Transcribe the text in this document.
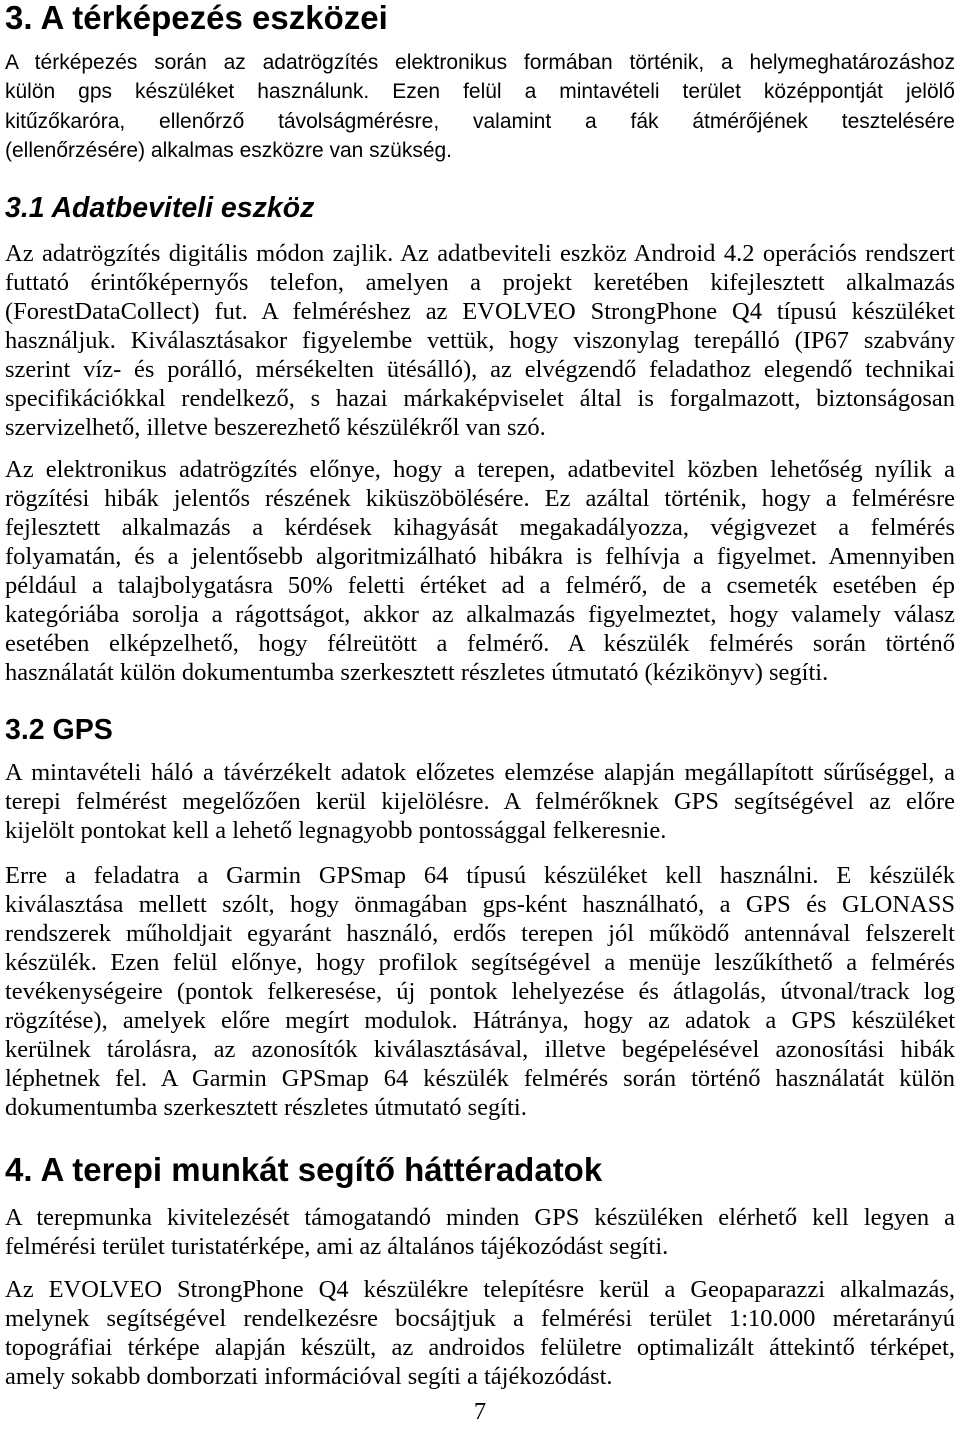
3. A térképezés eszközei
A térképezés során az adatrögzítés elektronikus formában történik, a helymeghatározáshoz
külön gps készüléket használunk. Ezen felül a mintavételi terület középpontját jelölő
kitűzőkaróra, ellenőrző távolságmérésre, valamint a fák átmérőjének tesztelésére
(ellenőrzésére) alkalmas eszközre van szükség.
3.1 Adatbeviteli eszköz
Az adatrögzítés digitális módon zajlik. Az adatbeviteli eszköz Android 4.2 operációs rendszert
futtató érintőképernyős telefon, amelyen a projekt keretében kifejlesztett alkalmazás
(ForestDataCollect) fut. A felméréshez az EVOLVEO StrongPhone Q4 típusú készüléket
használjuk. Kiválasztásakor figyelembe vettük, hogy viszonylag terepálló (IP67 szabvány
szerint víz- és porálló, mérsékelten ütésálló), az elvégzendő feladathoz elegendő technikai
specifikációkkal rendelkező, s hazai márkaképviselet által is forgalmazott, biztonságosan
szervizelhető, illetve beszerezhető készülékről van szó.
Az elektronikus adatrögzítés előnye, hogy a terepen, adatbevitel közben lehetőség nyílik a
rögzítési hibák jelentős részének kiküszöbölésére. Ez azáltal történik, hogy a felmérésre
fejlesztett alkalmazás a kérdések kihagyását megakadályozza, végigvezet a felmérés
folyamatán, és a jelentősebb algoritmizálható hibákra is felhívja a figyelmet. Amennyiben
például a talajbolygatásra 50% feletti értéket ad a felmérő, de a csemeték esetében ép
kategóriába sorolja a rágottságot, akkor az alkalmazás figyelmeztet, hogy valamely válasz
esetében elképzelhető, hogy félreütött a felmérő. A készülék felmérés során történő
használatát külön dokumentumba szerkesztett részletes útmutató (kézikönyv) segíti.
3.2 GPS
A mintavételi háló a távérzékelt adatok előzetes elemzése alapján megállapított sűrűséggel, a
terepi felmérést megelőzően kerül kijelölésre. A felmérőknek GPS segítségével az előre
kijelölt pontokat kell a lehető legnagyobb pontossággal felkeresnie.
Erre a feladatra a Garmin GPSmap 64 típusú készüléket kell használni. E készülék
kiválasztása mellett szólt, hogy önmagában gps-ként használható, a GPS és GLONASS
rendszerek műholdjait egyaránt használó, erdős terepen jól működő antennával felszerelt
készülék. Ezen felül előnye, hogy profilok segítségével a menüje leszűkíthető a felmérés
tevékenységeire (pontok felkeresése, új pontok lehelyezése és átlagolás, útvonal/track log
rögzítése), amelyek előre megírt modulok. Hátránya, hogy az adatok a GPS készüléket
kerülnek tárolásra, az azonosítók kiválasztásával, illetve begépelésével azonosítási hibák
léphetnek fel. A Garmin GPSmap 64 készülék felmérés során történő használatát külön
dokumentumba szerkesztett részletes útmutató segíti.
4. A terepi munkát segítő háttéradatok
A terepmunka kivitelezését támogatandó minden GPS készüléken elérhető kell legyen a
felmérési terület turistatérképe, ami az általános tájékozódást segíti.
Az EVOLVEO StrongPhone Q4 készülékre telepítésre kerül a Geopaparazzi alkalmazás,
melynek segítségével rendelkezésre bocsájtjuk a felmérési terület 1:10.000 méretarányú
topográfiai térképe alapján készült, az androidos felületre optimalizált áttekintő térképet,
amely sokabb domborzati információval segíti a tájékozódást.
7
